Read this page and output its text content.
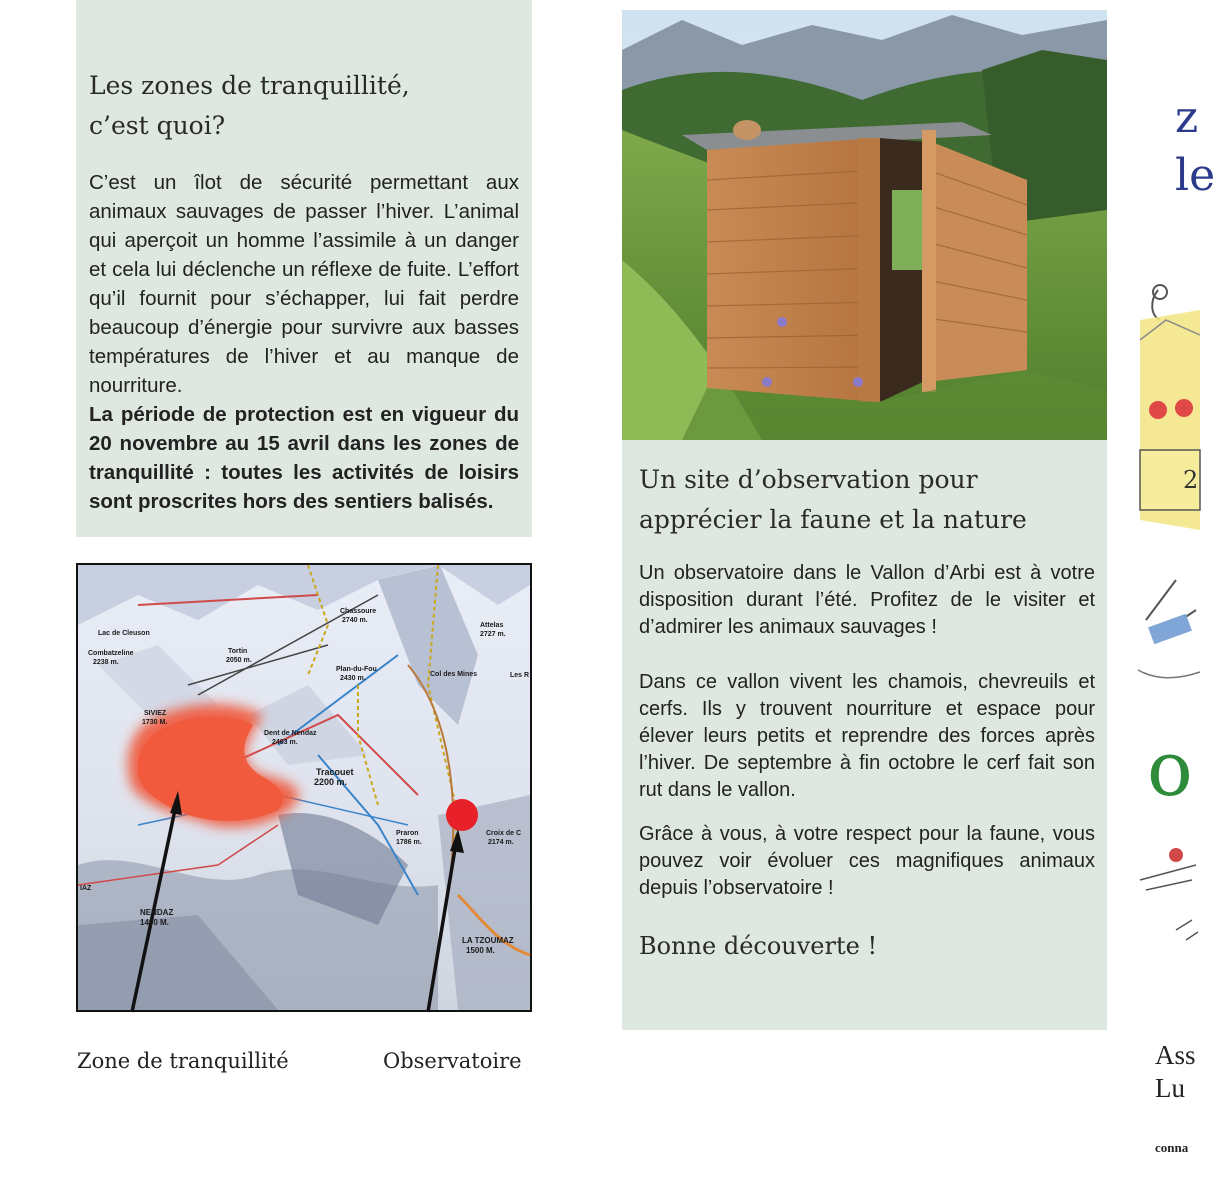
Les zones de tranquillité,
c’est quoi?

C’est un îlot de sécurité permettant aux animaux sauvages de passer l’hiver. L’animal qui aperçoit un homme l’assimile à un danger et cela lui déclenche un réflexe de fuite. L’effort qu’il fournit pour s’échapper, lui fait perdre beaucoup d’énergie pour survivre aux basses températures de l’hiver et au manque de nourriture.

La période de protection est en vigueur du 20 novembre au 15 avril dans les zones de tranquillité : toutes les activités de loisirs sont proscrites hors des sentiers balisés.

Lac de Cleuson
Combatzeline
2238 m.
Tortin
2050 m.
Chassoure
2740 m.
Attelas
2727 m.
Plan-du-Fou
2430 m.
Col des Mines	Les R
SIVIEZ
1730 M.
Dent de Nendaz
2463 m.
Tracouet
2200 m.
Praron
1786 m.
Croix de C
2174 m.
NENDAZ
1400 M.
LA TZOUMAZ
1500 M.
IAZ
Zone de tranquillité	Observatoire
Un site d’observation pour
apprécier la faune et la nature

Un observatoire dans le Vallon d’Arbi est à votre disposition durant l’été. Profitez de le visiter et d’admirer les animaux sauvages !

Dans ce vallon vivent les chamois, chevreuils et cerfs. Ils y trouvent nourriture et espace pour élever leurs petits et reprendre des forces après l’hiver. De septembre à fin octobre le cerf fait son rut dans le vallon.

Grâce à vous, à votre respect pour la faune, vous pouvez voir évoluer ces magnifiques animaux depuis l’observatoire !

Bonne découverte !
z
le
2
o
Ass
Lu
conna
